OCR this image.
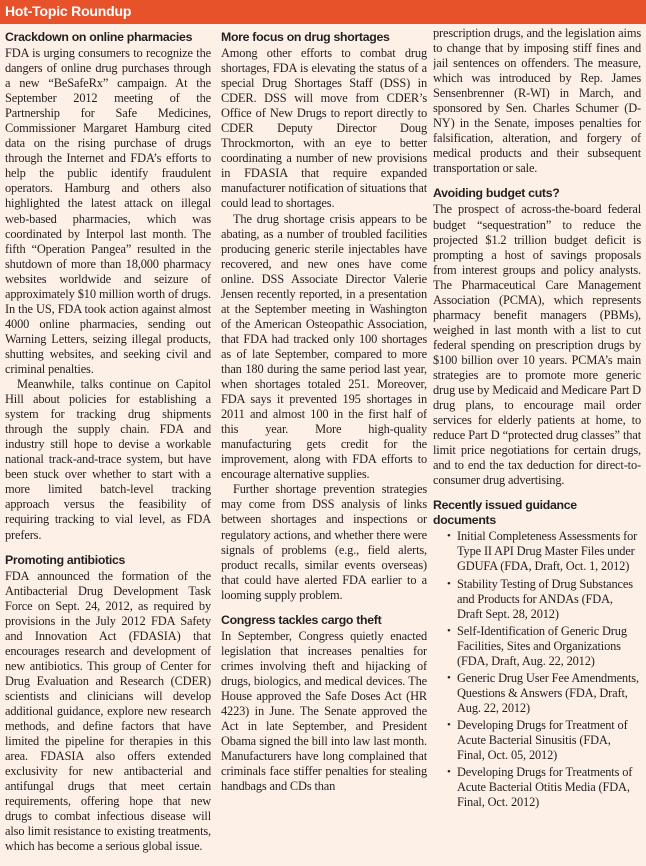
Hot-Topic Roundup
Crackdown on online pharmacies

FDA is urging consumers to recognize the dangers of online drug purchases through a new “BeSafeRx” campaign. At the September 2012 meeting of the Partnership for Safe Medicines, Commissioner Margaret Hamburg cited data on the rising purchase of drugs through the Internet and FDA’s efforts to help the public identify fraudulent operators. Hamburg and others also highlighted the latest attack on illegal web-based pharmacies, which was coordinated by Interpol last month. The fifth “Operation Pangea” resulted in the shutdown of more than 18,000 pharmacy websites worldwide and seizure of approximately $10 million worth of drugs. In the US, FDA took action against almost 4000 online pharmacies, sending out Warning Letters, seizing illegal products, shutting websites, and seeking civil and criminal penalties.

Meanwhile, talks continue on Capitol Hill about policies for establishing a system for tracking drug shipments through the supply chain. FDA and industry still hope to devise a workable national track-and-trace system, but have been stuck over whether to start with a more limited batch-level tracking approach versus the feasibility of requiring tracking to vial level, as FDA prefers.

Promoting antibiotics

FDA announced the formation of the Antibacterial Drug Development Task Force on Sept. 24, 2012, as required by provisions in the July 2012 FDA Safety and Innovation Act (FDASIA) that encourages research and development of new antibiotics. This group of Center for Drug Evaluation and Research (CDER) scientists and clinicians will develop additional guidance, explore new research methods, and define factors that have limited the pipeline for therapies in this area. FDASIA also offers extended exclusivity for new antibacterial and antifungal drugs that meet certain requirements, offering hope that new drugs to combat infectious disease will also limit resistance to existing treatments, which has become a serious global issue.

More focus on drug shortages

Among other efforts to combat drug shortages, FDA is elevating the status of a special Drug Shortages Staff (DSS) in CDER. DSS will move from CDER’s Office of New Drugs to report directly to CDER Deputy Director Doug Throckmorton, with an eye to better coordinating a number of new provisions in FDASIA that require expanded manufacturer notification of situations that could lead to shortages.

The drug shortage crisis appears to be abating, as a number of troubled facilities producing generic sterile injectables have recovered, and new ones have come online. DSS Associate Director Valerie Jensen recently reported, in a presentation at the September meeting in Washington of the American Osteopathic Association, that FDA had tracked only 100 shortages as of late September, compared to more than 180 during the same period last year, when shortages totaled 251. Moreover, FDA says it prevented 195 shortages in 2011 and almost 100 in the first half of this year. More high-quality manufacturing gets credit for the improvement, along with FDA efforts to encourage alternative supplies.

Further shortage prevention strategies may come from DSS analysis of links between shortages and inspections or regulatory actions, and whether there were signals of problems (e.g., field alerts, product recalls, similar events overseas) that could have alerted FDA earlier to a looming supply problem.

Congress tackles cargo theft

In September, Congress quietly enacted legislation that increases penalties for crimes involving theft and hijacking of drugs, biologics, and medical devices. The House approved the Safe Doses Act (HR 4223) in June. The Senate approved the Act in late September, and President Obama signed the bill into law last month. Manufacturers have long complained that criminals face stiffer penalties for stealing handbags and CDs than

prescription drugs, and the legislation aims to change that by imposing stiff fines and jail sentences on offenders. The measure, which was introduced by Rep. James Sensenbrenner (R-WI) in March, and sponsored by Sen. Charles Schumer (D-NY) in the Senate, imposes penalties for falsification, alteration, and forgery of medical products and their subsequent transportation or sale.

Avoiding budget cuts?

The prospect of across-the-board federal budget “sequestration” to reduce the projected $1.2 trillion budget deficit is prompting a host of savings proposals from interest groups and policy analysts. The Pharmaceutical Care Management Association (PCMA), which represents pharmacy benefit managers (PBMs), weighed in last month with a list to cut federal spending on prescription drugs by $100 billion over 10 years. PCMA’s main strategies are to promote more generic drug use by Medicaid and Medicare Part D drug plans, to encourage mail order services for elderly patients at home, to reduce Part D “protected drug classes” that limit price negotiations for certain drugs, and to end the tax deduction for direct-to-consumer drug advertising.

Recently issued guidance documents
• Initial Completeness Assessments for Type II API Drug Master Files under GDUFA (FDA, Draft, Oct. 1, 2012)
• Stability Testing of Drug Substances and Products for ANDAs (FDA, Draft Sept. 28, 2012)
• Self-Identification of Generic Drug Facilities, Sites and Organizations (FDA, Draft, Aug. 22, 2012)
• Generic Drug User Fee Amendments, Questions & Answers (FDA, Draft, Aug. 22, 2012)
• Developing Drugs for Treatment of Acute Bacterial Sinusitis (FDA, Final, Oct. 05, 2012)
• Developing Drugs for Treatments of Acute Bacterial Otitis Media (FDA, Final, Oct. 2012)
